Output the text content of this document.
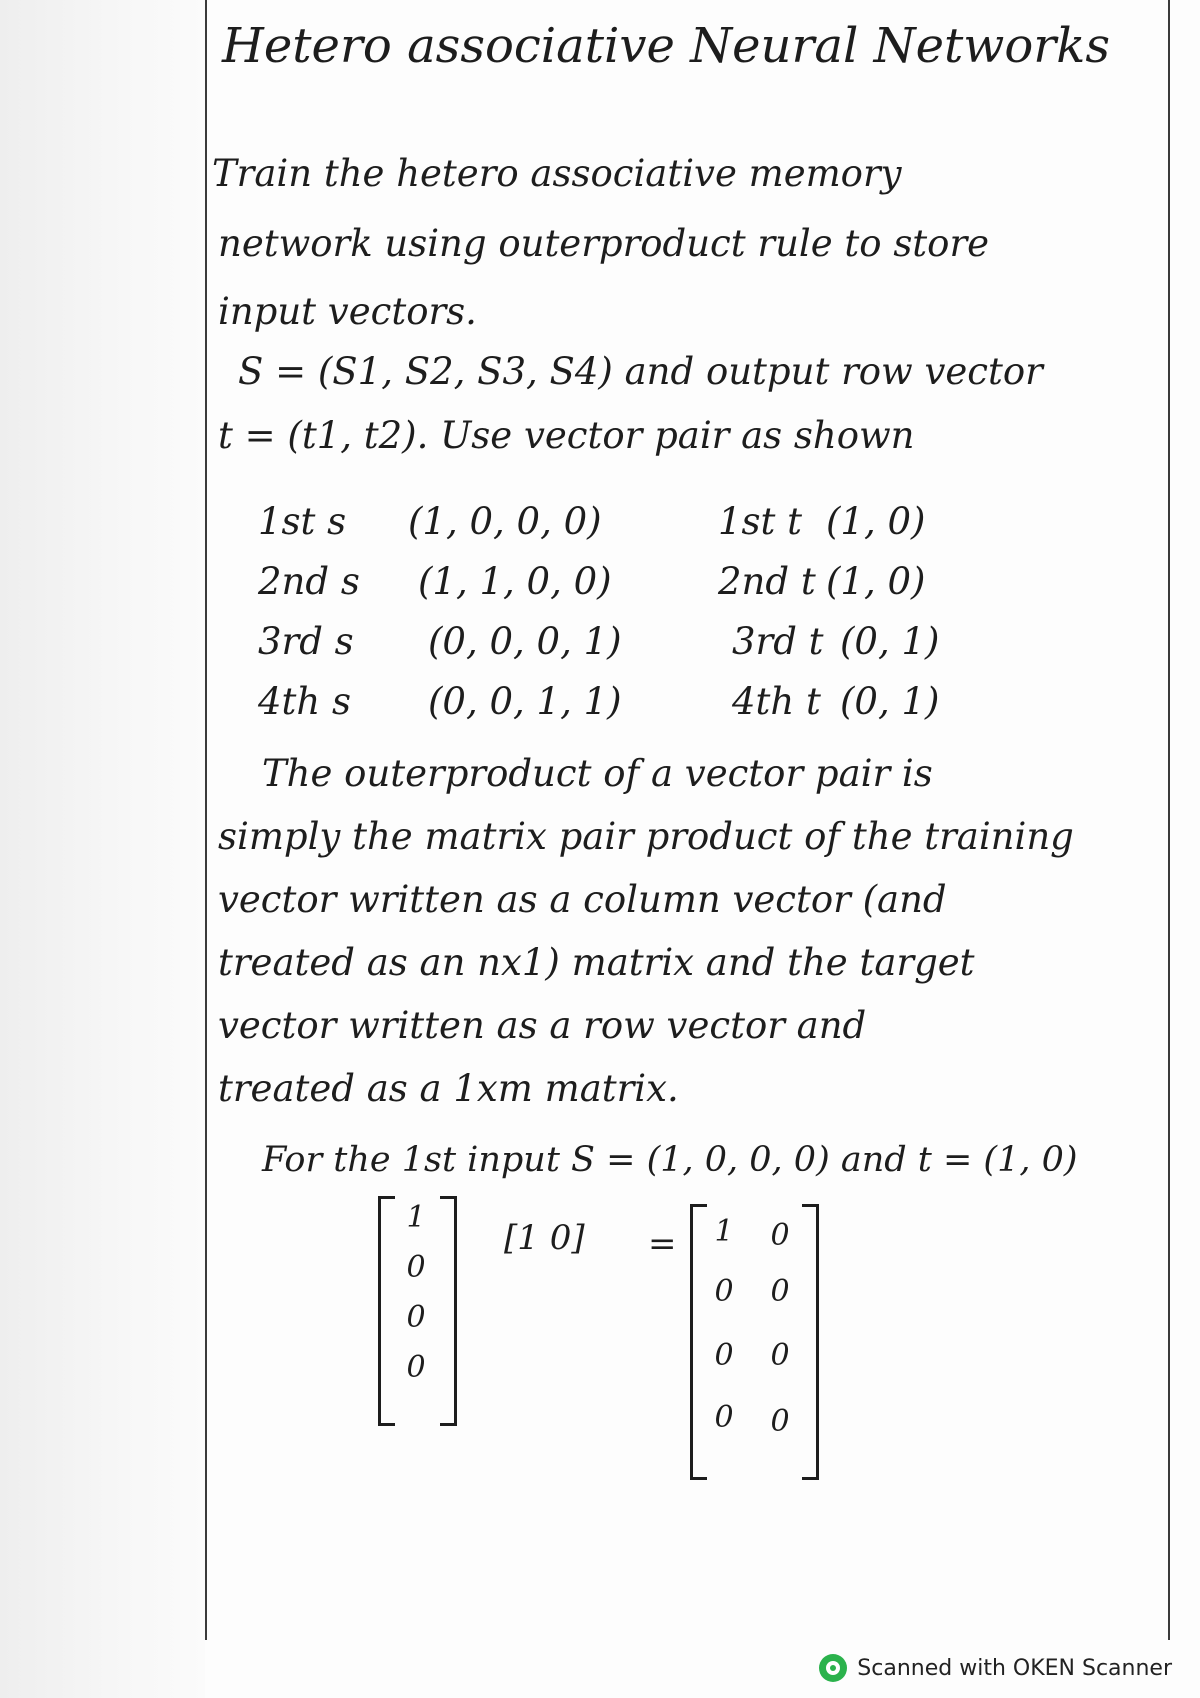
Hetero associative Neural Networks
Train the hetero associative memory
network using outerproduct rule to store
input vectors.
S = (S1, S2, S3, S4) and output row vector
t = (t1, t2). Use vector pair as shown
1st s (1, 0, 0, 0)	1st t (1, 0)
2nd s (1, 1, 0, 0)	2nd t (1, 0)
3rd s (0, 0, 0, 1)	3rd t (0, 1)
4th s (0, 0, 1, 1)	4th t (0, 1)
The outerproduct of a vector pair is
simply the matrix pair product of the training
vector written as a column vector (and
treated as an nx1) matrix and the target
vector written as a row vector and
treated as a 1xm matrix.
For the 1st input S = (1, 0, 0, 0) and t = (1, 0)
1
0
0
0
[1 0] =	1	0
0	0
0	0
0	0
Scanned with OKEN Scanner
